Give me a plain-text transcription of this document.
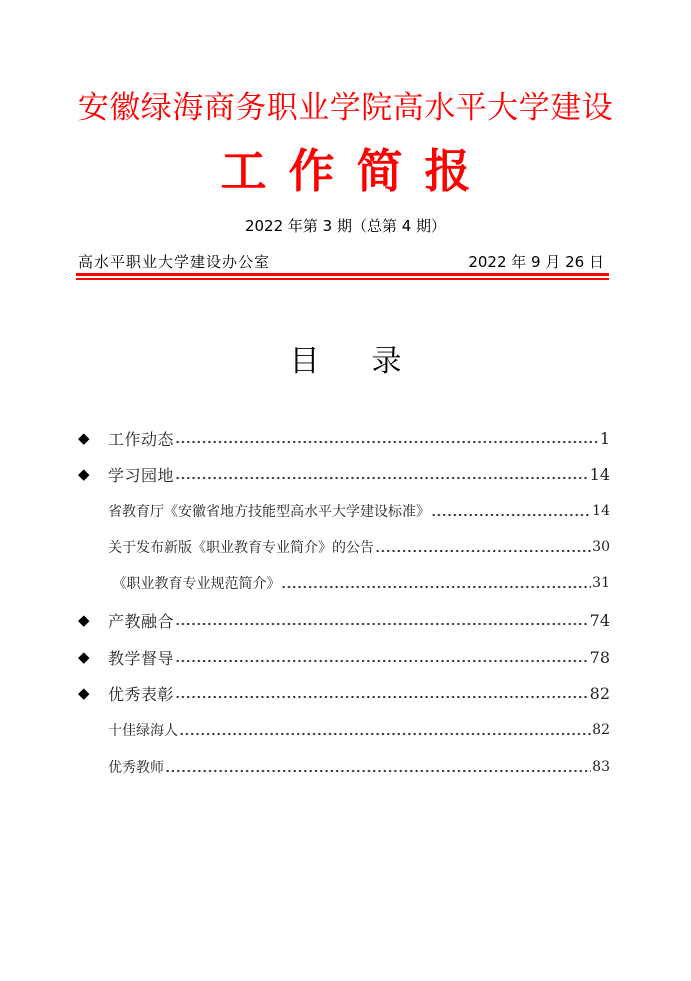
安徽绿海商务职业学院高水平大学建设
工作简报
2022 年第 3 期（总第 4 期）
高水平职业大学建设办公室	2022 年 9 月 26 日
目 录
◆	工作动态	1
◆	学习园地	14
省教育厅《安徽省地方技能型高水平大学建设标准》	14
关于发布新版《职业教育专业简介》的公告	30
《职业教育专业规范简介》	31
◆	产教融合	74
◆	教学督导	78
◆	优秀表彰	82
十佳绿海人	82
优秀教师	83
